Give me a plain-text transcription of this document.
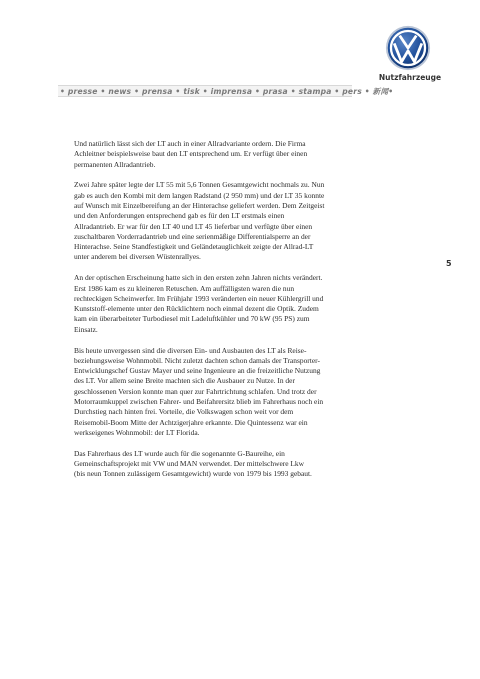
Nutzfahrzeuge
• presse • news • prensa • tisk • imprensa • prasa • stampa • pers • 新闻•
5

Und natürlich lässt sich der LT auch in einer Allradvariante ordern. Die Firma
Achleitner beispielsweise baut den LT entsprechend um. Er verfügt über einen
permanenten Allradantrieb.

Zwei Jahre später legte der LT 55 mit 5,6 Tonnen Gesamtgewicht nochmals zu. Nun
gab es auch den Kombi mit dem langen Radstand (2 950 mm) und der LT 35 konnte
auf Wunsch mit Einzelbereifung an der Hinterachse geliefert werden. Dem Zeitgeist
und den Anforderungen entsprechend gab es für den LT erstmals einen
Allradantrieb. Er war für den LT 40 und LT 45 lieferbar und verfügte über einen
zuschaltbaren Vorderradantrieb und eine serienmäßige Differentialsperre an der
Hinterachse. Seine Standfestigkeit und Geländetauglichkeit zeigte der Allrad-LT
unter anderem bei diversen Wüstenrallyes.

An der optischen Erscheinung hatte sich in den ersten zehn Jahren nichts verändert.
Erst 1986 kam es zu kleineren Retuschen. Am auffälligsten waren die nun
rechteckigen Scheinwerfer. Im Frühjahr 1993 veränderten ein neuer Kühlergrill und
Kunststoff-elemente unter den Rücklichtern noch einmal dezent die Optik. Zudem
kam ein überarbeiteter Turbodiesel mit Ladeluftkühler und 70 kW (95 PS) zum
Einsatz.

Bis heute unvergessen sind die diversen Ein- und Ausbauten des LT als Reise-
beziehungsweise Wohnmobil. Nicht zuletzt dachten schon damals der Transporter-
Entwicklungschef Gustav Mayer und seine Ingenieure an die freizeitliche Nutzung
des LT. Vor allem seine Breite machten sich die Ausbauer zu Nutze. In der
geschlossenen Version konnte man quer zur Fahrtrichtung schlafen. Und trotz der
Motorraumkuppel zwischen Fahrer- und Beifahrersitz blieb im Fahrerhaus noch ein
Durchstieg nach hinten frei. Vorteile, die Volkswagen schon weit vor dem
Reisemobil-Boom Mitte der Achtzigerjahre erkannte. Die Quintessenz war ein
werkseigenes Wohnmobil: der LT Florida.

Das Fahrerhaus des LT wurde auch für die sogenannte G-Baureihe, ein
Gemeinschaftsprojekt mit VW und MAN verwendet. Der mittelschwere Lkw
(bis neun Tonnen zulässigem Gesamtgewicht) wurde von 1979 bis 1993 gebaut.
